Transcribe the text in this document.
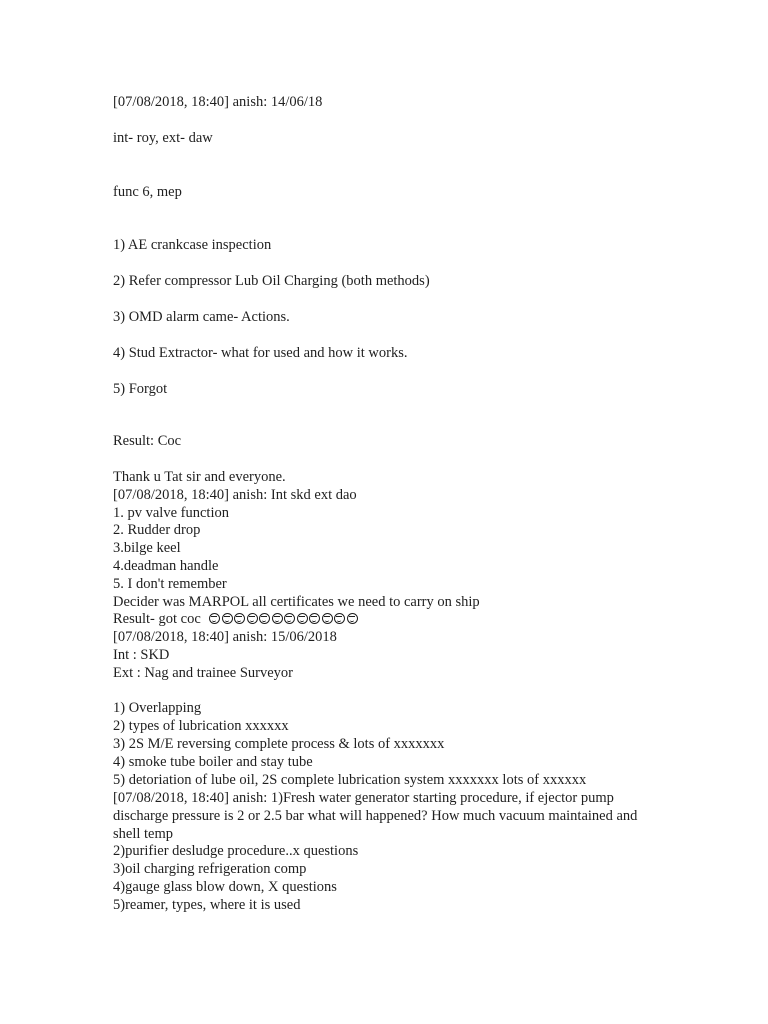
[07/08/2018, 18:40] anish: 14/06/18
int- roy, ext- daw
func 6, mep
1) AE crankcase inspection
2) Refer compressor Lub Oil Charging (both methods)
3) OMD alarm came- Actions.
4) Stud Extractor- what for used and how it works.
5) Forgot
Result: Coc
Thank u Tat sir and everyone.
[07/08/2018, 18:40] anish: Int skd ext dao
1. pv valve function
2. Rudder drop
3.bilge keel
4.deadman handle
5. I don't remember
Decider was MARPOL all certificates we need to carry on ship
Result- got coc
[07/08/2018, 18:40] anish: 15/06/2018
Int : SKD
Ext : Nag and trainee Surveyor
1) Overlapping
2) types of lubrication xxxxxx
3) 2S M/E reversing complete process & lots of xxxxxxx
4) smoke tube boiler and stay tube
5) detoriation of lube oil, 2S complete lubrication system xxxxxxx lots of xxxxxx
[07/08/2018, 18:40] anish: 1)Fresh water generator starting procedure, if ejector pump discharge pressure is 2 or 2.5 bar what will happened? How much vacuum maintained and shell temp
2)purifier desludge procedure..x questions
3)oil charging refrigeration comp
4)gauge glass blow down, X questions
5)reamer, types, where it is used
